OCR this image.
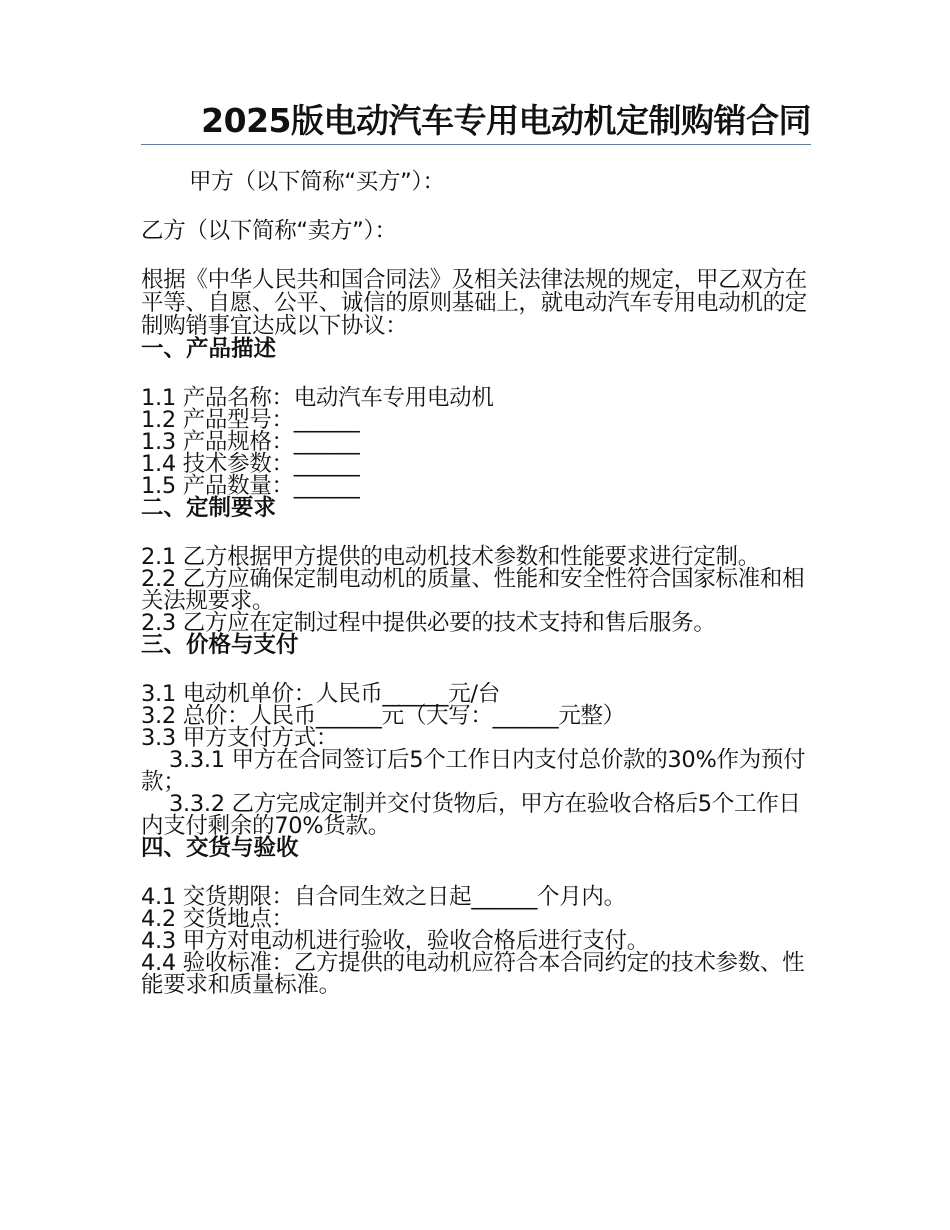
2025版电动汽车专用电动机定制购销合同

甲方（以下简称“买方”）：

乙方（以下简称“卖方”）：

根据《中华人民共和国合同法》及相关法律法规的规定，甲乙双方在平等、自愿、公平、诚信的原则基础上，就电动汽车专用电动机的定制购销事宜达成以下协议：

一、产品描述

1.1 产品名称：电动汽车专用电动机

1.2 产品型号：______

1.3 产品规格：______

1.4 技术参数：______

1.5 产品数量：______

二、定制要求

2.1 乙方根据甲方提供的电动机技术参数和性能要求进行定制。

2.2 乙方应确保定制电动机的质量、性能和安全性符合国家标准和相关法规要求。

2.3 乙方应在定制过程中提供必要的技术支持和售后服务。

三、价格与支付

3.1 电动机单价：人民币______元/台

3.2 总价：人民币______元（大写：______元整）

3.3 甲方支付方式：

3.3.1 甲方在合同签订后5个工作日内支付总价款的30%作为预付款；

3.3.2 乙方完成定制并交付货物后，甲方在验收合格后5个工作日内支付剩余的70%货款。

四、交货与验收

4.1 交货期限：自合同生效之日起______个月内。

4.2 交货地点：

4.3 甲方对电动机进行验收，验收合格后进行支付。

4.4 验收标准：乙方提供的电动机应符合本合同约定的技术参数、性能要求和质量标准。
